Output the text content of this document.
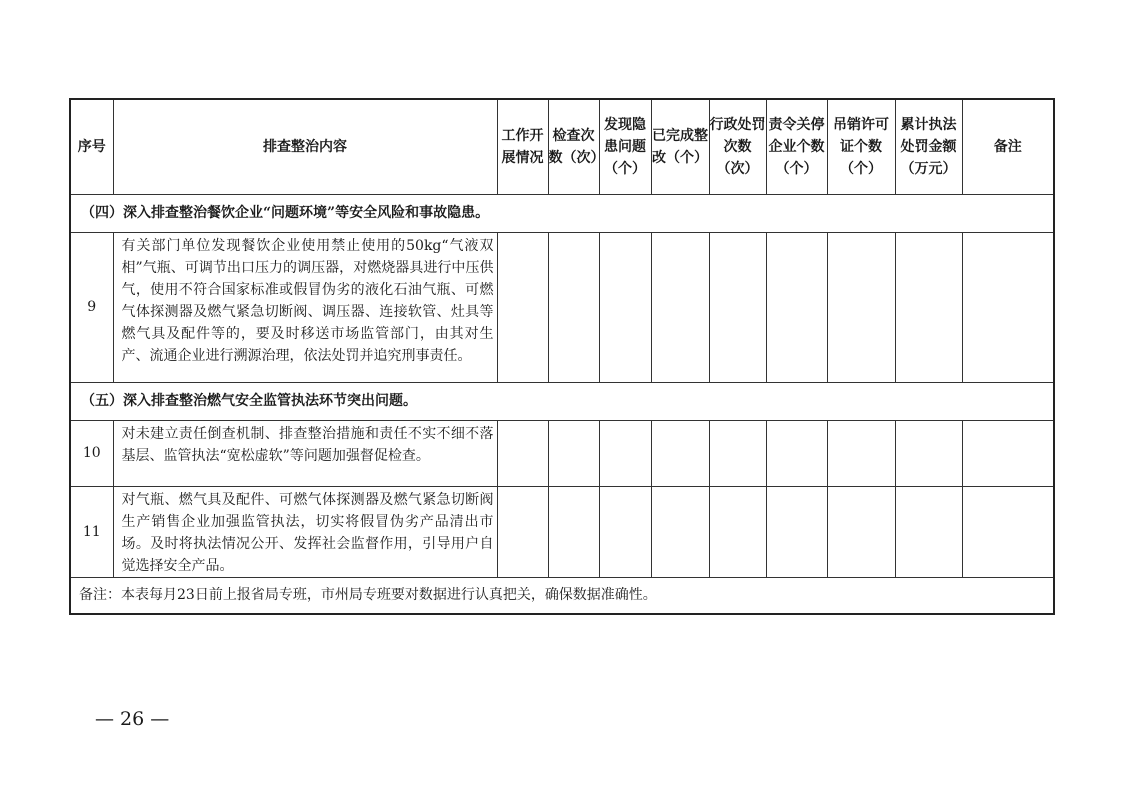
序号	排查整治内容	工作开展情况	检查次数（次）	发现隐患问题（个）	已完成整改（个）	行政处罚次数（次）	责令关停企业个数（个）	吊销许可证个数（个）	累计执法处罚金额（万元）	备注
（四）深入排查整治餐饮企业“问题环境”等安全风险和事故隐患。										
9	有关部门单位发现餐饮企业使用禁止使用的50kg“气液双相”气瓶、可调节出口压力的调压器，对燃烧器具进行中压供气，使用不符合国家标准或假冒伪劣的液化石油气瓶、可燃气体探测器及燃气紧急切断阀、调压器、连接软管、灶具等燃气具及配件等的，要及时移送市场监管部门，由其对生产、流通企业进行溯源治理，依法处罚并追究刑事责任。									
（五）深入排查整治燃气安全监管执法环节突出问题。										
10	对未建立责任倒查机制、排查整治措施和责任不实不细不落基层、监管执法“宽松虚软”等问题加强督促检查。									
11	对气瓶、燃气具及配件、可燃气体探测器及燃气紧急切断阀生产销售企业加强监管执法，切实将假冒伪劣产品清出市场。及时将执法情况公开、发挥社会监督作用，引导用户自觉选择安全产品。									
备注：本表每月23日前上报省局专班，市州局专班要对数据进行认真把关，确保数据准确性。										
— 26 —
